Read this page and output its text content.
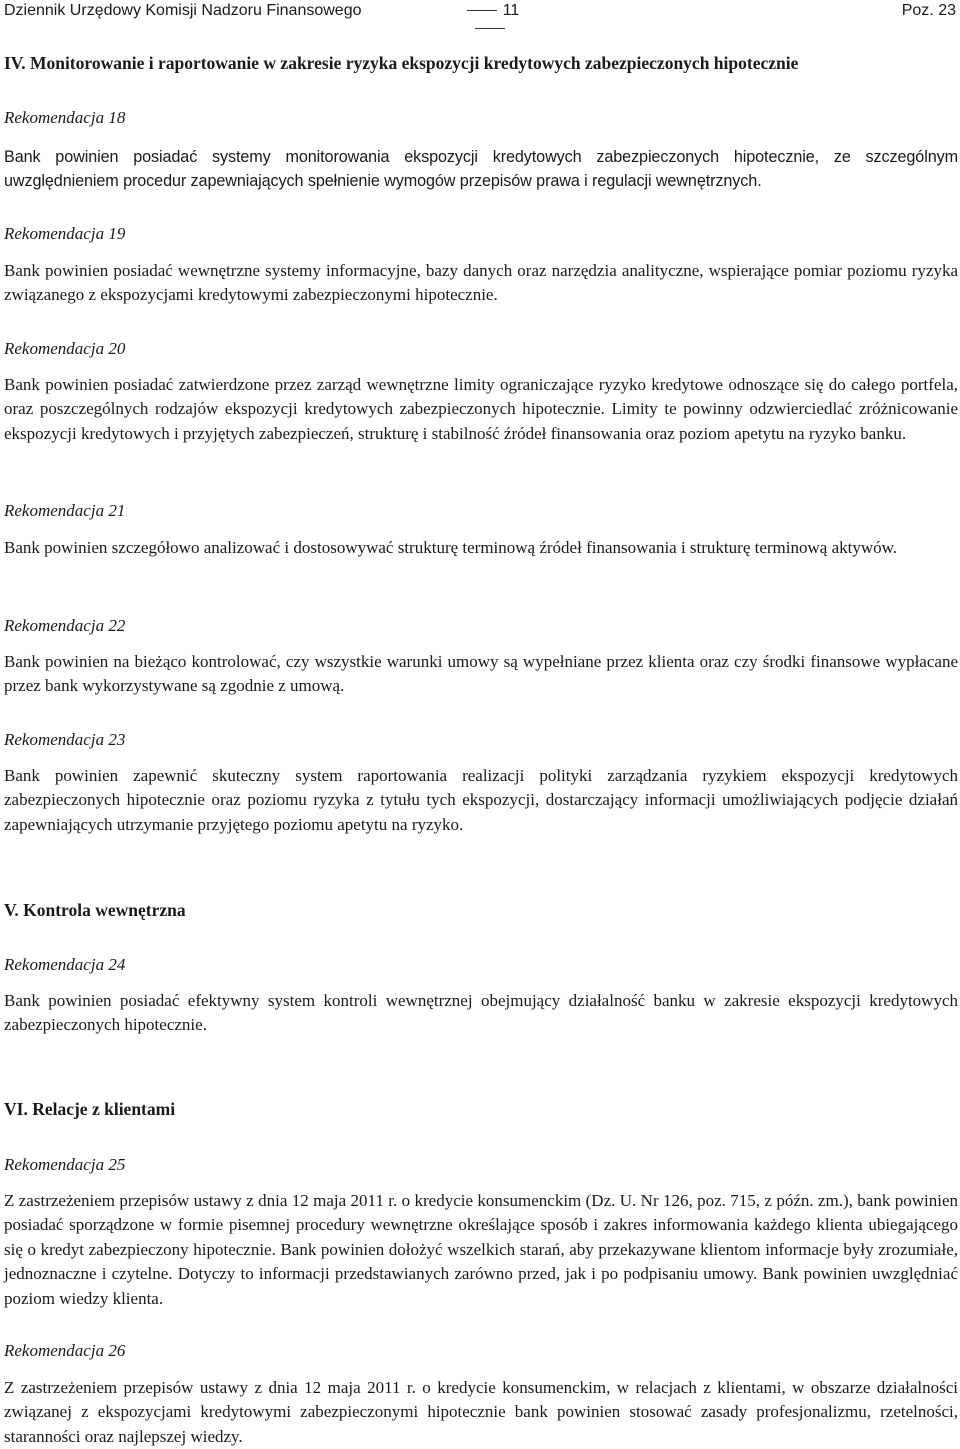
Dziennik Urzędowy Komisji Nadzoru Finansowego	11	Poz. 23
IV. Monitorowanie i raportowanie w zakresie ryzyka ekspozycji kredytowych zabezpieczonych hipotecznie
Rekomendacja 18
Bank powinien posiadać systemy monitorowania ekspozycji kredytowych zabezpieczonych hipotecznie, ze szczególnym uwzględnieniem procedur zapewniających spełnienie wymogów przepisów prawa i regulacji wewnętrznych.
Rekomendacja 19
Bank powinien posiadać wewnętrzne systemy informacyjne, bazy danych oraz narzędzia analityczne, wspierające pomiar poziomu ryzyka związanego z ekspozycjami kredytowymi zabezpieczonymi hipotecznie.
Rekomendacja 20
Bank powinien posiadać zatwierdzone przez zarząd wewnętrzne limity ograniczające ryzyko kredytowe odnoszące się do całego portfela, oraz poszczególnych rodzajów ekspozycji kredytowych zabezpieczonych hipotecznie. Limity te powinny odzwierciedlać zróżnicowanie ekspozycji kredytowych i przyjętych zabezpieczeń, strukturę i stabilność źródeł finansowania oraz poziom apetytu na ryzyko banku.
Rekomendacja 21
Bank powinien szczegółowo analizować i dostosowywać strukturę terminową źródeł finansowania i strukturę terminową aktywów.
Rekomendacja 22
Bank powinien na bieżąco kontrolować, czy wszystkie warunki umowy są wypełniane przez klienta oraz czy środki finansowe wypłacane przez bank wykorzystywane są zgodnie z umową.
Rekomendacja 23
Bank powinien zapewnić skuteczny system raportowania realizacji polityki zarządzania ryzykiem ekspozycji kredytowych zabezpieczonych hipotecznie oraz poziomu ryzyka z tytułu tych ekspozycji, dostarczający informacji umożliwiających podjęcie działań zapewniających utrzymanie przyjętego poziomu apetytu na ryzyko.
V. Kontrola wewnętrzna
Rekomendacja 24
Bank powinien posiadać efektywny system kontroli wewnętrznej obejmujący działalność banku w zakresie ekspozycji kredytowych zabezpieczonych hipotecznie.
VI. Relacje z klientami
Rekomendacja 25
Z zastrzeżeniem przepisów ustawy z dnia 12 maja 2011 r. o kredycie konsumenckim (Dz. U. Nr 126, poz. 715, z późn. zm.), bank powinien posiadać sporządzone w formie pisemnej procedury wewnętrzne określające sposób i zakres informowania każdego klienta ubiegającego się o kredyt zabezpieczony hipotecznie. Bank powinien dołożyć wszelkich starań, aby przekazywane klientom informacje były zrozumiałe, jednoznaczne i czytelne. Dotyczy to informacji przedstawianych zarówno przed, jak i po podpisaniu umowy. Bank powinien uwzględniać poziom wiedzy klienta.
Rekomendacja 26
Z zastrzeżeniem przepisów ustawy z dnia 12 maja 2011 r. o kredycie konsumenckim, w relacjach z klientami, w obszarze działalności związanej z ekspozycjami kredytowymi zabezpieczonymi hipotecznie bank powinien stosować zasady profesjonalizmu, rzetelności, staranności oraz najlepszej wiedzy.
